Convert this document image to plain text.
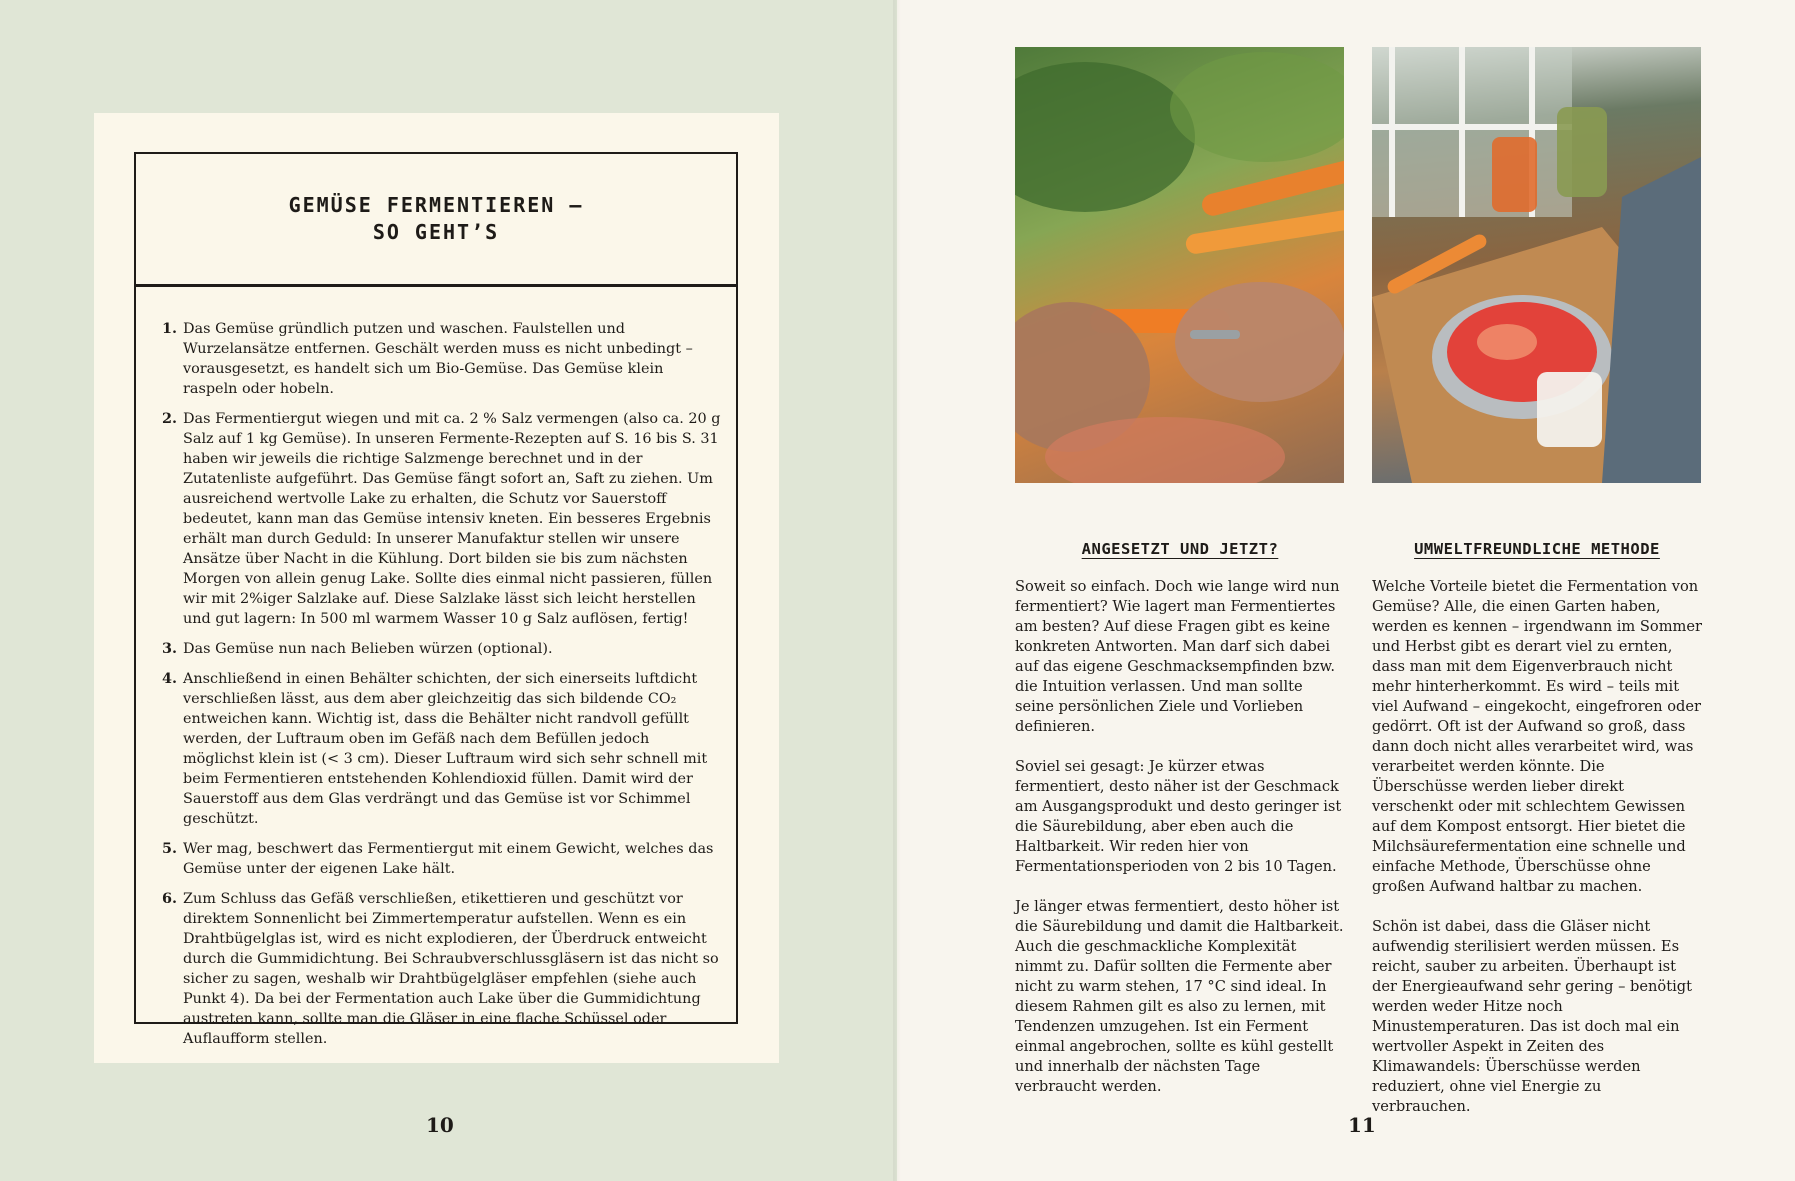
GEMÜSE FERMENTIEREN –
SO GEHT’S
1. Das Gemüse gründlich putzen und waschen. Faulstellen und Wurzelansätze entfernen. Geschält werden muss es nicht unbedingt – vorausgesetzt, es handelt sich um Bio-Gemüse. Das Gemüse klein raspeln oder hobeln.
2. Das Fermentiergut wiegen und mit ca. 2 % Salz vermengen (also ca. 20 g Salz auf 1 kg Gemüse). In unseren Fermente-Rezepten auf S. 16 bis S. 31 haben wir jeweils die richtige Salzmenge berechnet und in der Zutatenliste aufgeführt. Das Gemüse fängt sofort an, Saft zu ziehen. Um ausreichend wertvolle Lake zu erhalten, die Schutz vor Sauerstoff bedeutet, kann man das Gemüse intensiv kneten. Ein besseres Ergebnis erhält man durch Geduld: In unserer Manufaktur stellen wir unsere Ansätze über Nacht in die Kühlung. Dort bilden sie bis zum nächsten Morgen von allein genug Lake. Sollte dies einmal nicht passieren, füllen wir mit 2%iger Salzlake auf. Diese Salzlake lässt sich leicht herstellen und gut lagern: In 500 ml warmem Wasser 10 g Salz auflösen, fertig!
3. Das Gemüse nun nach Belieben würzen (optional).
4. Anschließend in einen Behälter schichten, der sich einerseits luftdicht verschließen lässt, aus dem aber gleichzeitig das sich bildende CO₂ entweichen kann. Wichtig ist, dass die Behälter nicht randvoll gefüllt werden, der Luftraum oben im Gefäß nach dem Befüllen jedoch möglichst klein ist (< 3 cm). Dieser Luftraum wird sich sehr schnell mit beim Fermentieren entstehenden Kohlendioxid füllen. Damit wird der Sauerstoff aus dem Glas verdrängt und das Gemüse ist vor Schimmel geschützt.
5. Wer mag, beschwert das Fermentiergut mit einem Gewicht, welches das Gemüse unter der eigenen Lake hält.
6. Zum Schluss das Gefäß verschließen, etikettieren und geschützt vor direktem Sonnenlicht bei Zimmertemperatur aufstellen. Wenn es ein Drahtbügelglas ist, wird es nicht explodieren, der Überdruck entweicht durch die Gummidichtung. Bei Schraubverschlussgläsern ist das nicht so sicher zu sagen, weshalb wir Drahtbügelgläser empfehlen (siehe auch Punkt 4). Da bei der Fermentation auch Lake über die Gummidichtung austreten kann, sollte man die Gläser in eine flache Schüssel oder Auflaufform stellen.
ANGESETZT UND JETZT?

Soweit so einfach. Doch wie lange wird nun fermentiert? Wie lagert man Fermentiertes am besten? Auf diese Fragen gibt es keine konkreten Antworten. Man darf sich dabei auf das eigene Geschmacksempfinden bzw. die Intuition verlassen. Und man sollte seine persönlichen Ziele und Vorlieben definieren.

Soviel sei gesagt: Je kürzer etwas fermentiert, desto näher ist der Geschmack am Ausgangsprodukt und desto geringer ist die Säurebildung, aber eben auch die Haltbarkeit. Wir reden hier von Fermentationsperioden von 2 bis 10 Tagen.

Je länger etwas fermentiert, desto höher ist die Säurebildung und damit die Haltbarkeit. Auch die geschmackliche Komplexität nimmt zu. Dafür sollten die Fermente aber nicht zu warm stehen, 17 °C sind ideal. In diesem Rahmen gilt es also zu lernen, mit Tendenzen umzugehen. Ist ein Ferment einmal angebrochen, sollte es kühl gestellt und innerhalb der nächsten Tage verbraucht werden.

UMWELTFREUNDLICHE METHODE

Welche Vorteile bietet die Fermentation von Gemüse? Alle, die einen Garten haben, werden es kennen – irgendwann im Sommer und Herbst gibt es derart viel zu ernten, dass man mit dem Eigenverbrauch nicht mehr hinterherkommt. Es wird – teils mit viel Aufwand – eingekocht, eingefroren oder gedörrt. Oft ist der Aufwand so groß, dass dann doch nicht alles verarbeitet wird, was verarbeitet werden könnte. Die Überschüsse werden lieber direkt verschenkt oder mit schlechtem Gewissen auf dem Kompost entsorgt. Hier bietet die Milchsäurefermentation eine schnelle und einfache Methode, Überschüsse ohne großen Aufwand haltbar zu machen.

Schön ist dabei, dass die Gläser nicht aufwendig sterilisiert werden müssen. Es reicht, sauber zu arbeiten. Überhaupt ist der Energieaufwand sehr gering – benötigt werden weder Hitze noch Minustemperaturen. Das ist doch mal ein wertvoller Aspekt in Zeiten des Klimawandels: Überschüsse werden reduziert, ohne viel Energie zu verbrauchen.

10	11
